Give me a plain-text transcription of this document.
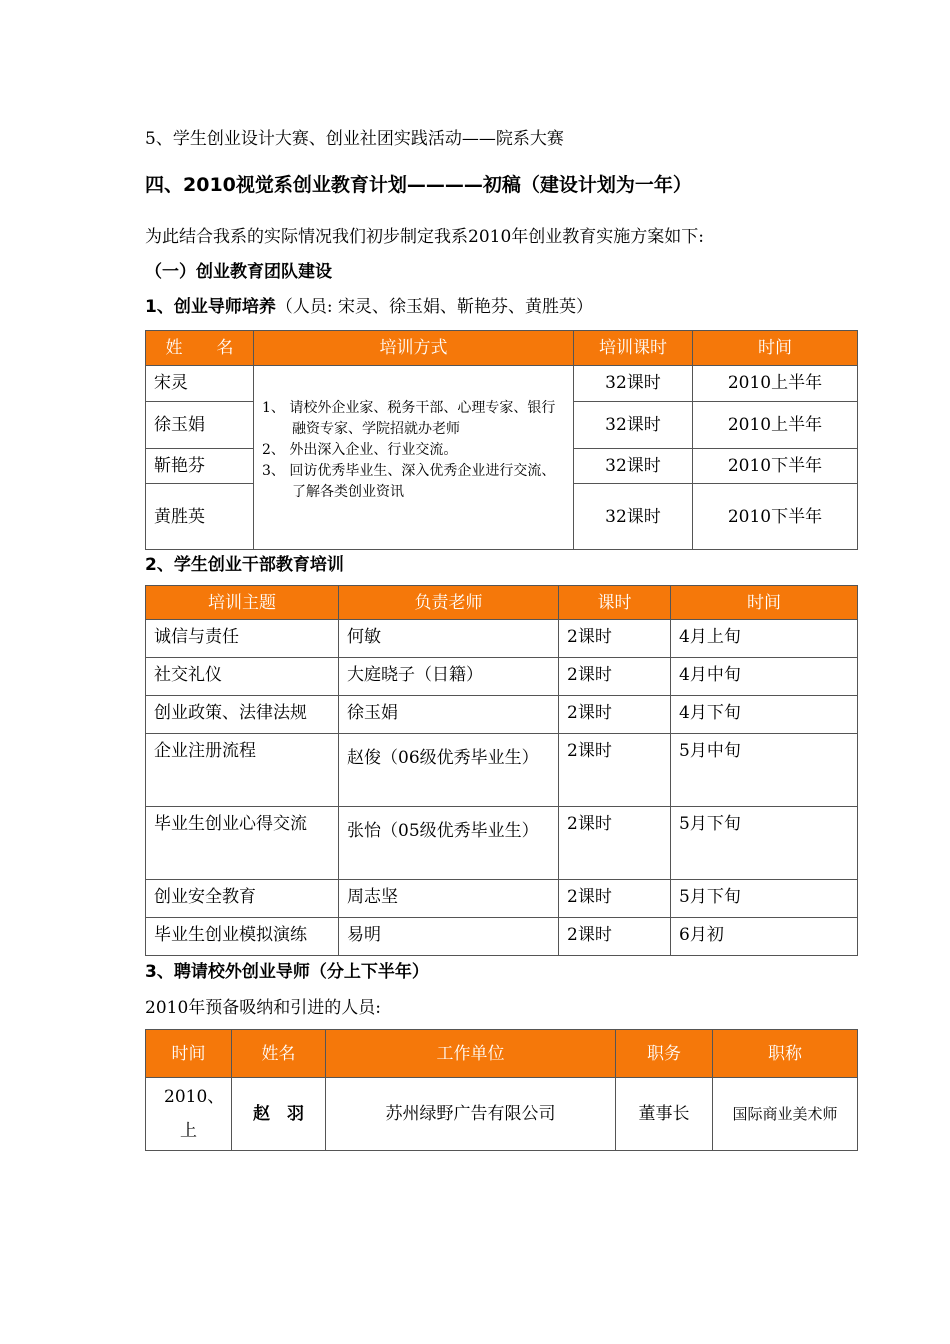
5、学生创业设计大赛、创业社团实践活动——院系大赛
四、2010视觉系创业教育计划————初稿（建设计划为一年）
为此结合我系的实际情况我们初步制定我系2010年创业教育实施方案如下:
（一）创业教育团队建设
1、创业导师培养（人员: 宋灵、徐玉娟、靳艳芬、黄胜英）
姓　　名	培训方式	培训课时	时间
宋灵	1、 请校外企业家、税务干部、心理专家、银行融资专家、学院招就办老师
2、 外出深入企业、行业交流。
3、 回访优秀毕业生、深入优秀企业进行交流、了解各类创业资讯	32课时	2010上半年
徐玉娟		32课时	2010上半年
靳艳芬		32课时	2010下半年
黄胜英		32课时	2010下半年
2、学生创业干部教育培训
培训主题	负责老师	课时	时间
诚信与责任	何敏	2课时	4月上旬
社交礼仪	大庭晓子（日籍）	2课时	4月中旬
创业政策、法律法规	徐玉娟	2课时	4月下旬
企业注册流程	赵俊（06级优秀毕业生）	2课时	5月中旬
毕业生创业心得交流	张怡（05级优秀毕业生）	2课时	5月下旬
创业安全教育	周志坚	2课时	5月下旬
毕业生创业模拟演练	易明	2课时	6月初
3、聘请校外创业导师（分上下半年）
2010年预备吸纳和引进的人员:
时间	姓名	工作单位	职务	职称
2010、上	赵　羽	苏州绿野广告有限公司	董事长	国际商业美术师
